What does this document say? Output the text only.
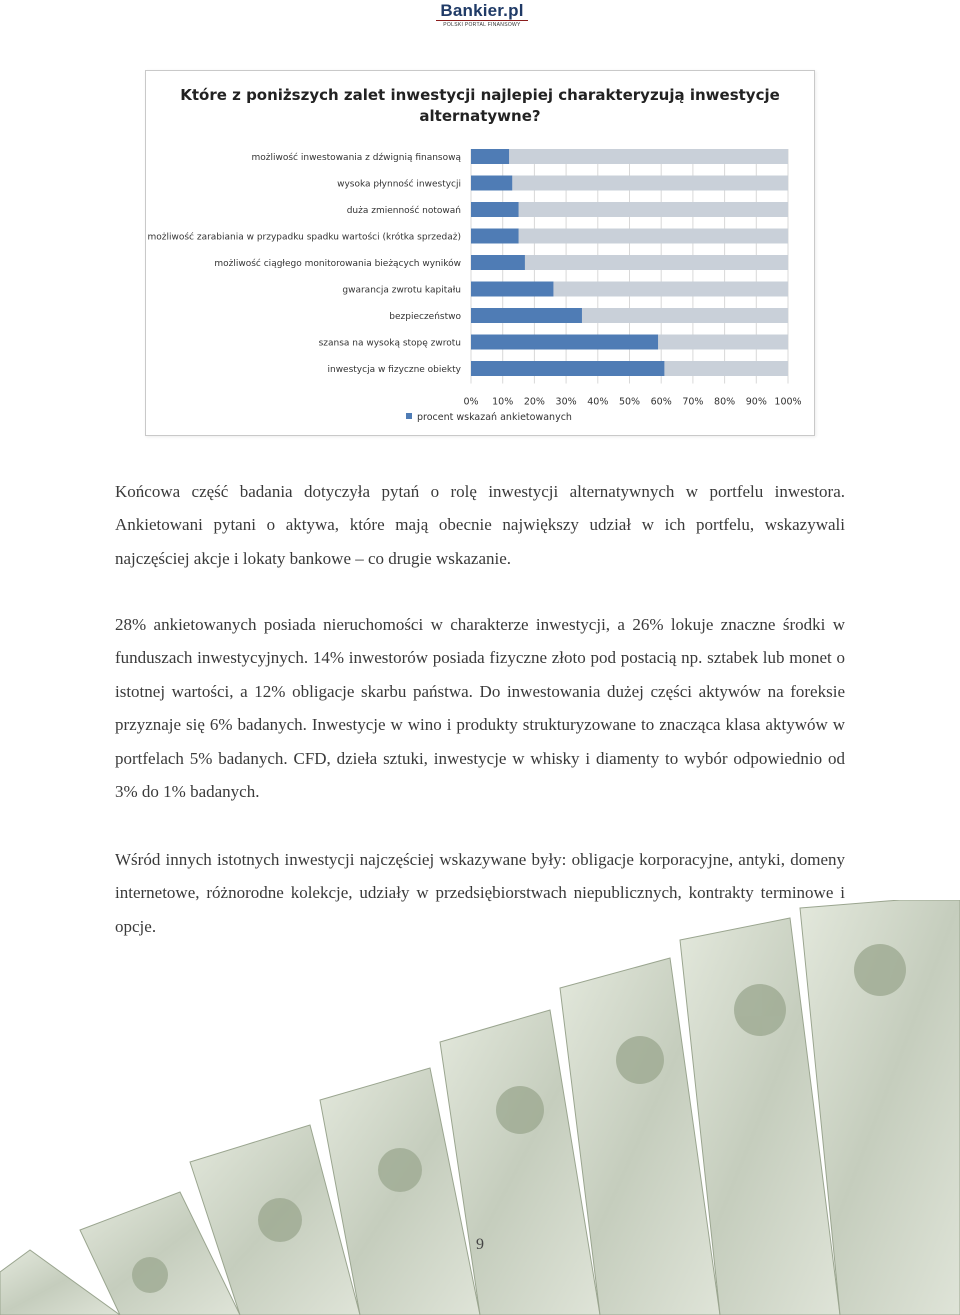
Bankier.pl
POLSKI PORTAL FINANSOWY
Które z poniższych zalet inwestycji najlepiej charakteryzują inwestycje alternatywne?
0% 10% 20% 30% 40% 50% 60% 70% 80% 90% 100%
możliwość inwestowania z dźwignią finansową
wysoka płynność inwestycji
duża zmienność notowań
możliwość zarabiania w przypadku spadku wartości (krótka sprzedaż)
możliwość ciągłego monitorowania bieżących wyników
gwarancja zwrotu kapitału
bezpieczeństwo
szansa na wysoką stopę zwrotu
inwestycja w fizyczne obiekty
procent wskazań ankietowanych

Końcowa część badania dotyczyła pytań o rolę inwestycji alternatywnych w portfelu inwestora. Ankietowani pytani o aktywa, które mają obecnie największy udział w ich portfelu, wskazywali najczęściej akcje i lokaty bankowe – co drugie wskazanie.

28% ankietowanych posiada nieruchomości w charakterze inwestycji, a 26% lokuje znaczne środki w funduszach inwestycyjnych. 14% inwestorów posiada fizyczne złoto pod postacią np. sztabek lub monet o istotnej wartości, a 12% obligacje skarbu państwa. Do inwestowania dużej części aktywów na foreksie przyznaje się 6% badanych. Inwestycje w wino i produkty strukturyzowane to znacząca klasa aktywów w portfelach 5% badanych. CFD, dzieła sztuki, inwestycje w whisky i diamenty to wybór odpowiednio od 3% do 1% badanych.

Wśród innych istotnych inwestycji najczęściej wskazywane były: obligacje korporacyjne, antyki, domeny internetowe, różnorodne kolekcje, udziały w przedsiębiorstwach niepublicznych, kontrakty terminowe i opcje.

9
